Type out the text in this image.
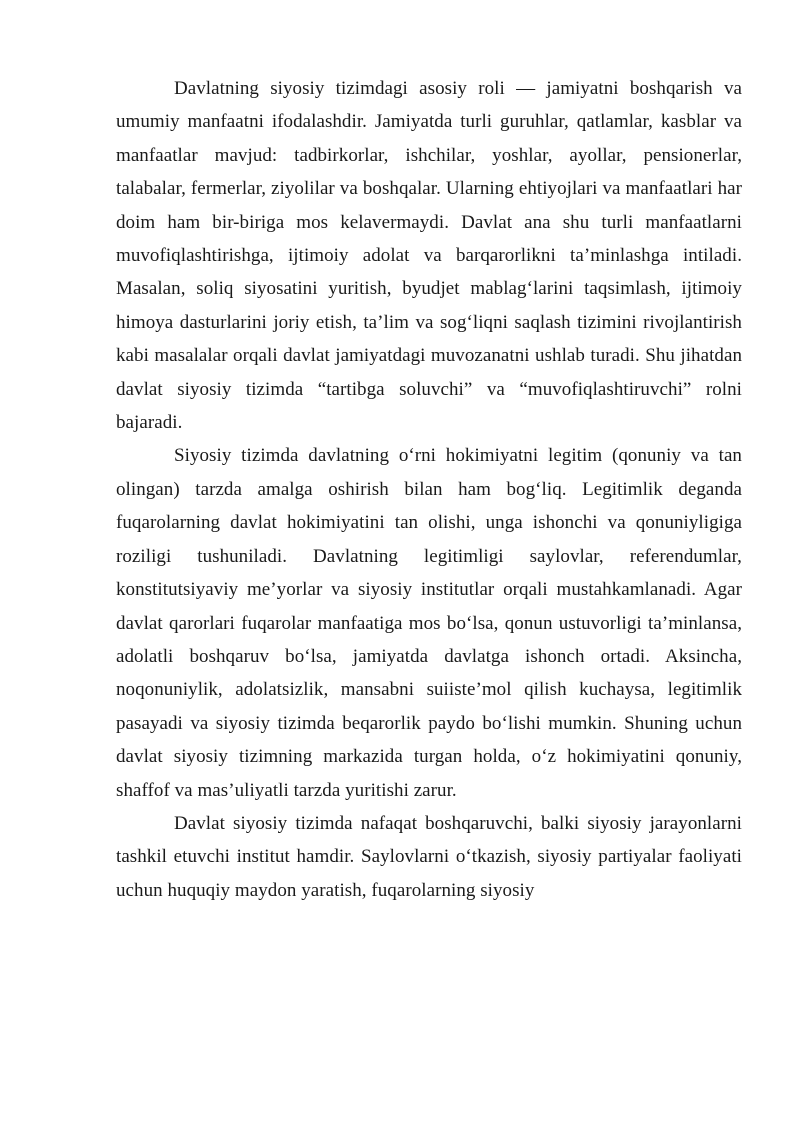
Davlatning siyosiy tizimdagi asosiy roli — jamiyatni boshqarish va umumiy manfaatni ifodalashdir. Jamiyatda turli guruhlar, qatlamlar, kasblar va manfaatlar mavjud: tadbirkorlar, ishchilar, yoshlar, ayollar, pensionerlar, talabalar, fermerlar, ziyolilar va boshqalar. Ularning ehtiyojlari va manfaatlari har doim ham bir-biriga mos kelavermaydi. Davlat ana shu turli manfaatlarni muvofiqlashtirishga, ijtimoiy adolat va barqarorlikni ta’minlashga intiladi. Masalan, soliq siyosatini yuritish, byudjet mablag‘larini taqsimlash, ijtimoiy himoya dasturlarini joriy etish, ta’lim va sog‘liqni saqlash tizimini rivojlantirish kabi masalalar orqali davlat jamiyatdagi muvozanatni ushlab turadi. Shu jihatdan davlat siyosiy tizimda “tartibga soluvchi” va “muvofiqlashtiruvchi” rolni bajaradi.

Siyosiy tizimda davlatning o‘rni hokimiyatni legitim (qonuniy va tan olingan) tarzda amalga oshirish bilan ham bog‘liq. Legitimlik deganda fuqarolarning davlat hokimiyatini tan olishi, unga ishonchi va qonuniyligiga roziligi tushuniladi. Davlatning legitimligi saylovlar, referendumlar, konstitutsiyaviy me’yorlar va siyosiy institutlar orqali mustahkamlanadi. Agar davlat qarorlari fuqarolar manfaatiga mos bo‘lsa, qonun ustuvorligi ta’minlansa, adolatli boshqaruv bo‘lsa, jamiyatda davlatga ishonch ortadi. Aksincha, noqonuniylik, adolatsizlik, mansabni suiiste’mol qilish kuchaysa, legitimlik pasayadi va siyosiy tizimda beqarorlik paydo bo‘lishi mumkin. Shuning uchun davlat siyosiy tizimning markazida turgan holda, o‘z hokimiyatini qonuniy, shaffof va mas’uliyatli tarzda yuritishi zarur.

Davlat siyosiy tizimda nafaqat boshqaruvchi, balki siyosiy jarayonlarni tashkil etuvchi institut hamdir. Saylovlarni o‘tkazish, siyosiy partiyalar faoliyati uchun huquqiy maydon yaratish, fuqarolarning siyosiy
